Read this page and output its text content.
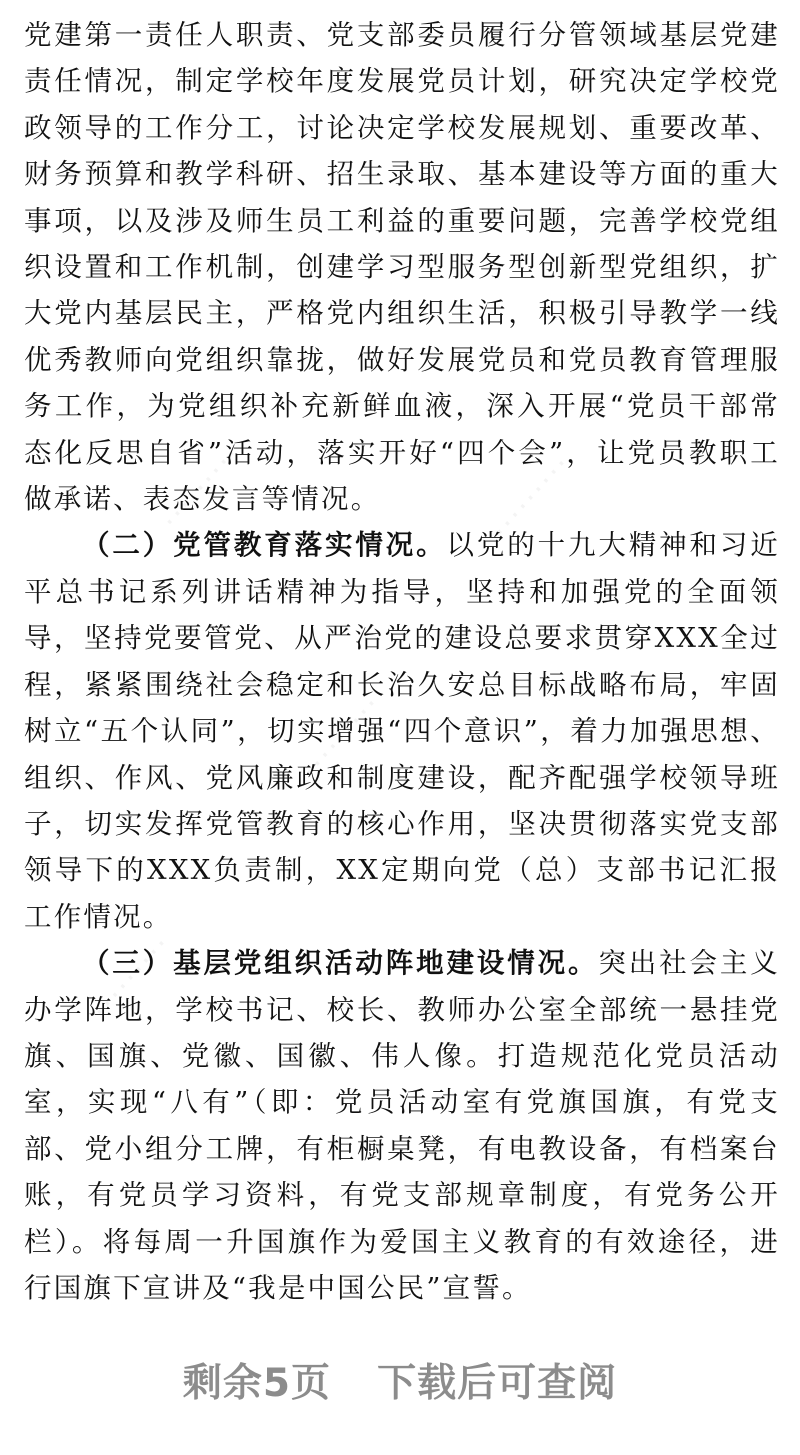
党建第一责任人职责、党支部委员履行分管领域基层党建责任情况，制定学校年度发展党员计划，研究决定学校党政领导的工作分工，讨论决定学校发展规划、重要改革、财务预算和教学科研、招生录取、基本建设等方面的重大事项，以及涉及师生员工利益的重要问题，完善学校党组织设置和工作机制，创建学习型服务型创新型党组织，扩大党内基层民主，严格党内组织生活，积极引导教学一线优秀教师向党组织靠拢，做好发展党员和党员教育管理服务工作，为党组织补充新鲜血液，深入开展“党员干部常态化反思自省”活动，落实开好“四个会”，让党员教职工做承诺、表态发言等情况。

（二）党管教育落实情况。以党的十九大精神和习近平总书记系列讲话精神为指导，坚持和加强党的全面领导，坚持党要管党、从严治党的建设总要求贯穿XXX全过程，紧紧围绕社会稳定和长治久安总目标战略布局，牢固树立“五个认同”，切实增强“四个意识”，着力加强思想、组织、作风、党风廉政和制度建设，配齐配强学校领导班子，切实发挥党管教育的核心作用，坚决贯彻落实党支部领导下的XXX负责制，XX定期向党（总）支部书记汇报工作情况。

（三）基层党组织活动阵地建设情况。突出社会主义办学阵地，学校书记、校长、教师办公室全部统一悬挂党旗、国旗、党徽、国徽、伟人像。打造规范化党员活动室，实现“八有”（即：党员活动室有党旗国旗，有党支部、党小组分工牌，有柜橱桌凳，有电教设备，有档案台账，有党员学习资料，有党支部规章制度，有党务公开栏）。将每周一升国旗作为爱国主义教育的有效途径，进行国旗下宣讲及“我是中国公民”宣誓。

剩余5页 下载后可查阅
